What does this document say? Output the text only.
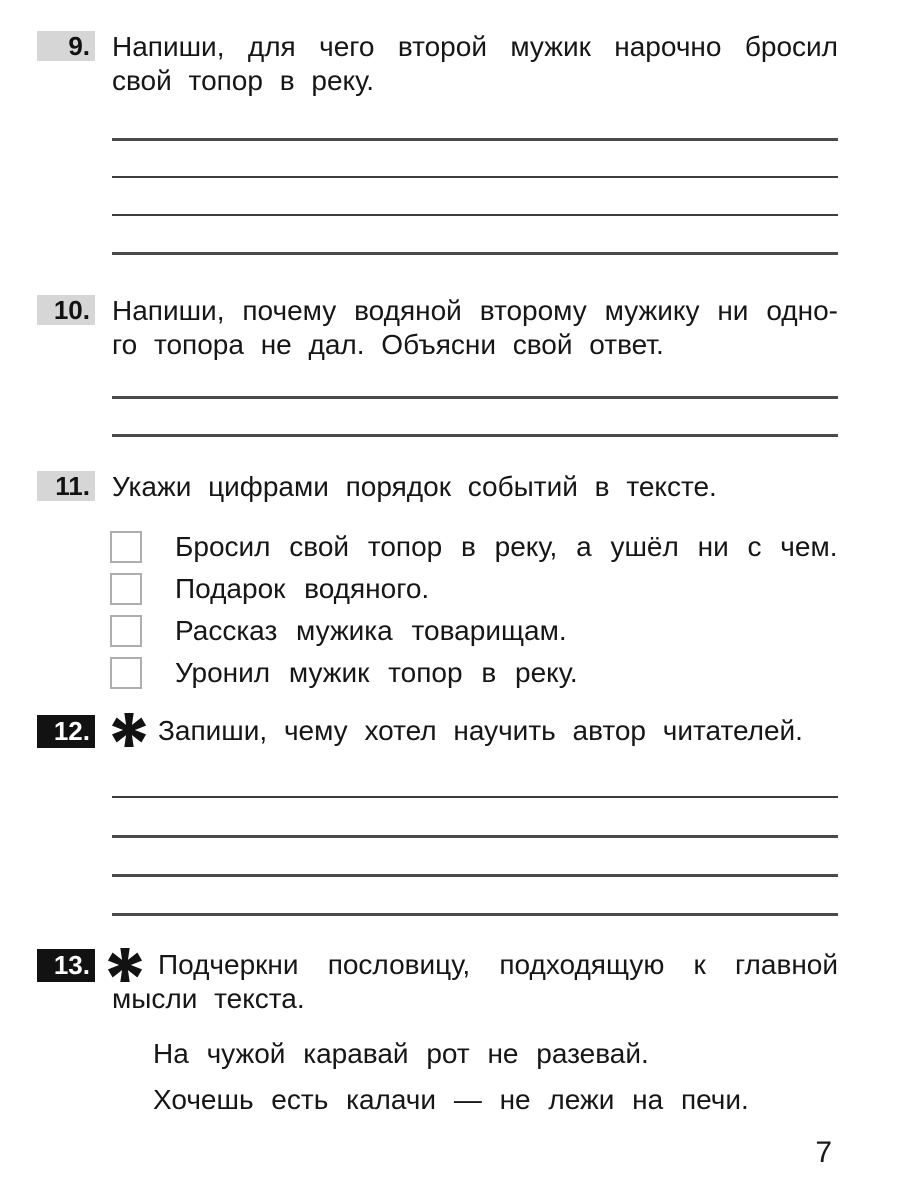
9. Напиши, для чего второй мужик нарочно бросил
свой топор в реку.
10. Напиши, почему водяной второму мужику ни одно-
го топора не дал. Объясни свой ответ.
11. Укажи цифрами порядок событий в тексте.
Бросил свой топор в реку, а ушёл ни с чем.
Подарок водяного.
Рассказ мужика товарищам.
Уронил мужик топор в реку.
12. Запиши, чему хотел научить автор читателей.
13. Подчеркни пословицу, подходящую к главной
мысли текста.
На чужой каравай рот не разевай.
Хочешь есть калачи — не лежи на печи.
7
